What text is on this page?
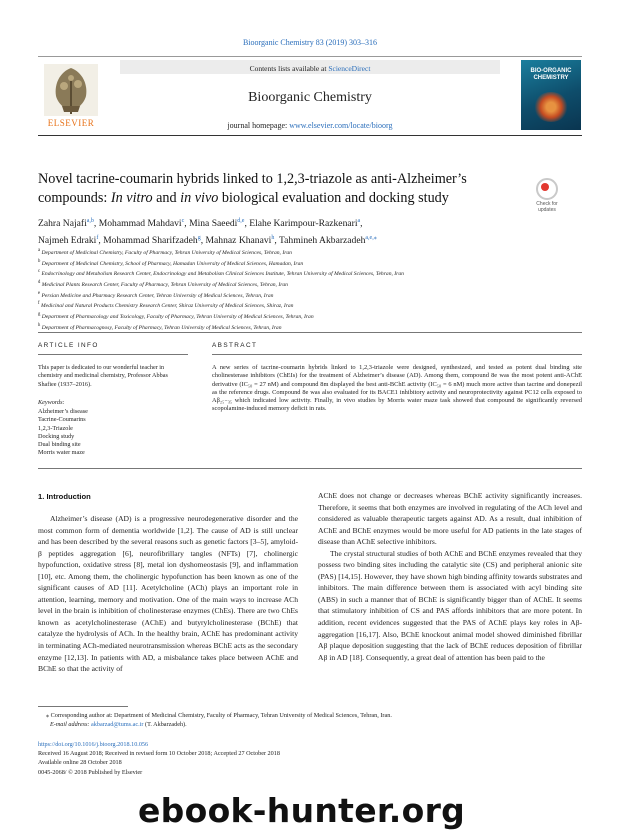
Bioorganic Chemistry 83 (2019) 303–316
ELSEVIER
Contents lists available at ScienceDirect
Bioorganic Chemistry
journal homepage: www.elsevier.com/locate/bioorg
BIO-ORGANIC CHEMISTRY
Novel tacrine-coumarin hybrids linked to 1,2,3-triazole as anti-Alzheimer’s compounds: In vitro and in vivo biological evaluation and docking study	Check for updates
Zahra Najafi$^{a,b}$, Mohammad Mahdavi$^c$, Mina Saeedi$^{d,e}$, Elahe Karimpour-Razkenari$^a$,
Najmeh Edraki$^f$, Mohammad Sharifzadeh$^g$, Mahnaz Khanavi$^h$, Tahmineh Akbarzadeh$^{a,e,⁎}$
$^a$ Department of Medicinal Chemistry, Faculty of Pharmacy, Tehran University of Medical Sciences, Tehran, Iran
$^b$ Department of Medicinal Chemistry, School of Pharmacy, Hamadan University of Medical Sciences, Hamadan, Iran
$^c$ Endocrinology and Metabolism Research Center, Endocrinology and Metabolism Clinical Sciences Institute, Tehran University of Medical Sciences, Tehran, Iran
$^d$ Medicinal Plants Research Center, Faculty of Pharmacy, Tehran University of Medical Sciences, Tehran, Iran
$^e$ Persian Medicine and Pharmacy Research Center, Tehran University of Medical Sciences, Tehran, Iran
$^f$ Medicinal and Natural Products Chemistry Research Center, Shiraz University of Medical Sciences, Shiraz, Iran
$^g$ Department of Pharmacology and Toxicology, Faculty of Pharmacy, Tehran University of Medical Sciences, Tehran, Iran
$^h$ Department of Pharmacognosy, Faculty of Pharmacy, Tehran University of Medical Sciences, Tehran, Iran
ARTICLE INFO	ABSTRACT
This paper is dedicated to our wonderful teacher in chemistry and medicinal chemistry, Professor Abbas Shafiee (1937–2016).
Keywords:
Alzheimer’s disease
Tacrine-Coumarins
1,2,3-Triazole
Docking study
Dual binding site
Morris water maze
A new series of tacrine-coumarin hybrids linked to 1,2,3-triazole were designed, synthesized, and tested as potent dual binding site cholinesterase inhibitors (ChEIs) for the treatment of Alzheimer’s disease (AD). Among them, compound 8e was the most potent anti-AChE derivative (IC₅₀ = 27 nM) and compound 8m displayed the best anti-BChE activity (IC₅₀ = 6 nM) much more active than tacrine and donepezil as the reference drugs. Compound 8e was also evaluated for its BACE1 inhibitory activity and neuroprotectivity against PC12 cells exposed to Aβ₂₅₋₃₅ which indicated low activity. Finally, in vivo studies by Morris water maze task showed that compound 8e significantly reversed scopolamine-induced memory deficit in rats.
1. Introduction

Alzheimer’s disease (AD) is a progressive neurodegenerative disorder and the most common form of dementia worldwide [1,2]. The cause of AD is still unclear and has been described by the several reasons such as genetic factors [3–5], amyloid-β peptides aggregation [6], neurofibrillary tangles (NFTs) [7], cholinergic hypofunction, oxidative stress [8], metal ion dyshomeostasis [9], and inflammation [10], etc. Among them, the cholinergic hypofunction has been known as one of the significant causes of AD [11]. Acetylcholine (ACh) plays an important role in attention, learning, memory and motivation. One of the main ways to increase ACh level in the brain is inhibition of cholinesterase enzymes (ChEs). There are two ChEs known as acetylcholinesterase (AChE) and butyrylcholinesterase (BChE) that catalyze the hydrolysis of ACh. In the healthy brain, AChE has predominant activity in terminating ACh-mediated neurotransmission whereas BChE acts as the secondary enzyme [12,13]. In patients with AD, a misbalance takes place between AChE and BChE so that the activity of

AChE does not change or decreases whereas BChE activity significantly increases. Therefore, it seems that both enzymes are involved in regulating of the ACh level and considered as valuable therapeutic targets against AD. As a result, dual inhibition of AChE and BChE enzymes would be more useful for AD patients in the late stages of disease than AChE selective inhibitors.

The crystal structural studies of both AChE and BChE enzymes revealed that they possess two binding sites including the catalytic site (CS) and peripheral anionic site (PAS) [14,15]. However, they have shown high binding affinity towards substrates and inhibitors. The main difference between them is associated with acyl binding site (ABS) in such a manner that of BChE is significantly bigger than of AChE. It seems that stimulatory inhibition of CS and PAS affords inhibitors that are more potent. In addition, recent evidences suggested that the PAS of AChE plays key roles in Aβ-aggregation [16,17]. Also, BChE knockout animal model showed diminished fibrillar Aβ plaque deposition suggesting that the lack of BChE reduces deposition of fibrillar Aβ in AD [18]. Consequently, a great deal of attention has been paid to the

⁎ Corresponding author at: Department of Medicinal Chemistry, Faculty of Pharmacy, Tehran University of Medical Sciences, Tehran, Iran.
E-mail address: akbarzad@tums.ac.ir (T. Akbarzadeh).
https://doi.org/10.1016/j.bioorg.2018.10.056
Received 16 August 2018; Received in revised form 10 October 2018; Accepted 27 October 2018
Available online 28 October 2018
0045-2068/ © 2018 Published by Elsevier
ebook-hunter.org
